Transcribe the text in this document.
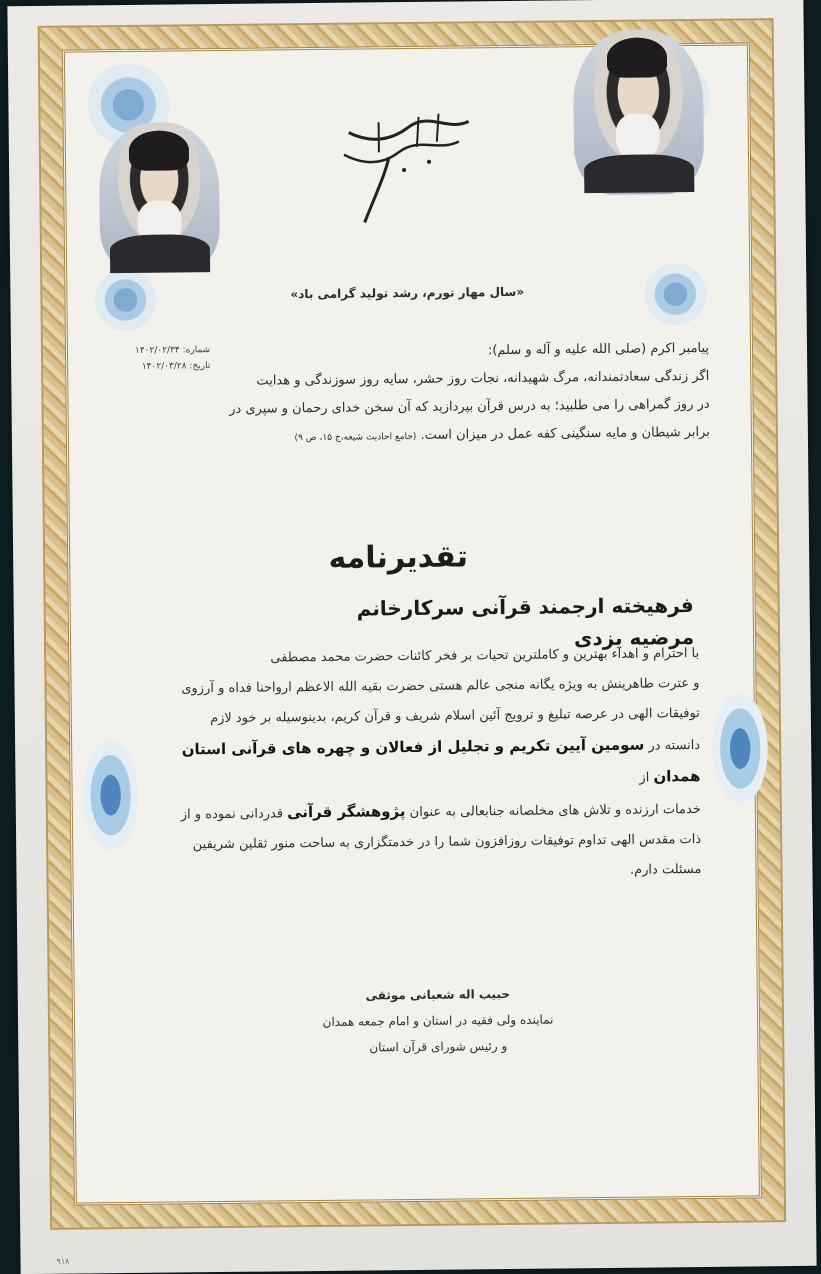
«سال مهار تورم، رشد تولید گرامی باد»
شماره: ۱۴۰۲/۰۲/۳۴
تاریخ: ۱۴۰۲/۰۳/۲۸
پیامبر اکرم (صلی الله علیه و آله و سلم):
اگر زندگی سعادتمندانه، مرگ شهیدانه، نجات روز حشر، سایه روز سوزندگی و هدایت
در روز گمراهی را می طلبید؛ به درس قرآن بپردازید که آن سخن خدای رحمان و سپری در
برابر شیطان و مایه سنگینی کفه عمل در میزان است. (جامع احادیث شیعه،ج ۱۵، ص ۹)
تقدیرنامه
فرهیخته ارجمند قرآنی سرکارخانم مرضیه یزدی
با احترام و اهداء بهترین و کاملترین تحیات بر فخر کائنات حضرت محمد مصطفی
و عترت طاهرینش به ویژه یگانه منجی عالم هستی حضرت بقیه الله الاعظم ارواحنا فداه و آرزوی
توفیقات الهی در عرصه تبلیغ و ترویج آئین اسلام شریف و قرآن کریم، بدینوسیله بر خود لازم
دانسته در سومین آیین تکریم و تجلیل از فعالان و چهره های قرآنی استان همدان از
خدمات ارزنده و تلاش های مخلصانه جنابعالی به عنوان پژوهشگر قرآنی قدردانی نموده و از
ذات مقدس الهی تداوم توفیقات روزافزون شما را در خدمتگزاری به ساحت منور ثقلین شریفین
مسئلت دارم.
حبیب اله شعبانی موثقی
نماینده ولی فقیه در استان و امام جمعه همدان
و رئیس شورای قرآن استان
۹۱۸
